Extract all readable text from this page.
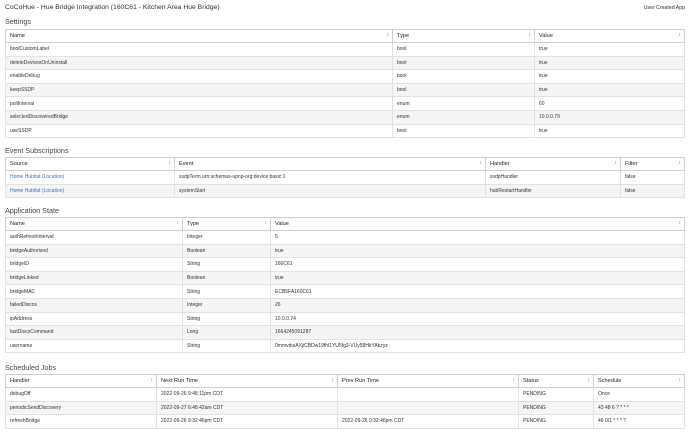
CoCoHue - Hue Bridge Integration (160C61 - Kitchen Area Hue Bridge)	User Created App
Settings
Name ↕	Type ↕	Value ↕

boolCustomLabel	bool	true
deleteDevicesOnUninstall	bool	true
enableDebug	bool	true
keepSSDP	bool	true
pollInterval	enum	60
selectedDiscoveredBridge	enum	10.0.0.79
useSSDP	bool	true
Event Subscriptions
Source ↕	Event ↕	Handler ↕	Filter ↕

Home Hubitat (Location)	ssdpTerm.urn:schemas-upnp-org:device:basic:1	ssdpHandler	false
Home Hubitat (Location)	systemStart	hubRestartHandler	false
Application State
Name ↕	Type ↕	Value ↕

authRefreshInterval	Integer	5
bridgeAuthorized	Boolean	true
bridgeID	String	160C61
bridgeLinked	Boolean	true
bridgeMAC	String	ECB5FA160C61
failedDiscos	Integer	26
ipAddress	String	10.0.0.74
lastDiscoCommand	Long	1664245091287
username	String	0mmvduiAXjiCBDw19fhl1YU5fg3-VUy58HkYAkzyz
Scheduled Jobs
Handler ↕	Next Run Time ↕	Prev Run Time ↕	Status ↕	Schedule ↕

debugOff	2022-09-26 9:48:11pm CDT		PENDING	Once
periodicSendDiscovery	2022-09-27 6:48:42am CDT		PENDING	43 48 6 ? * * *
refreshBridge	2022-09-26 9:32:46pm CDT	2022-09-26 9:32:46pm CDT	PENDING	46 0/1 * * * ?
